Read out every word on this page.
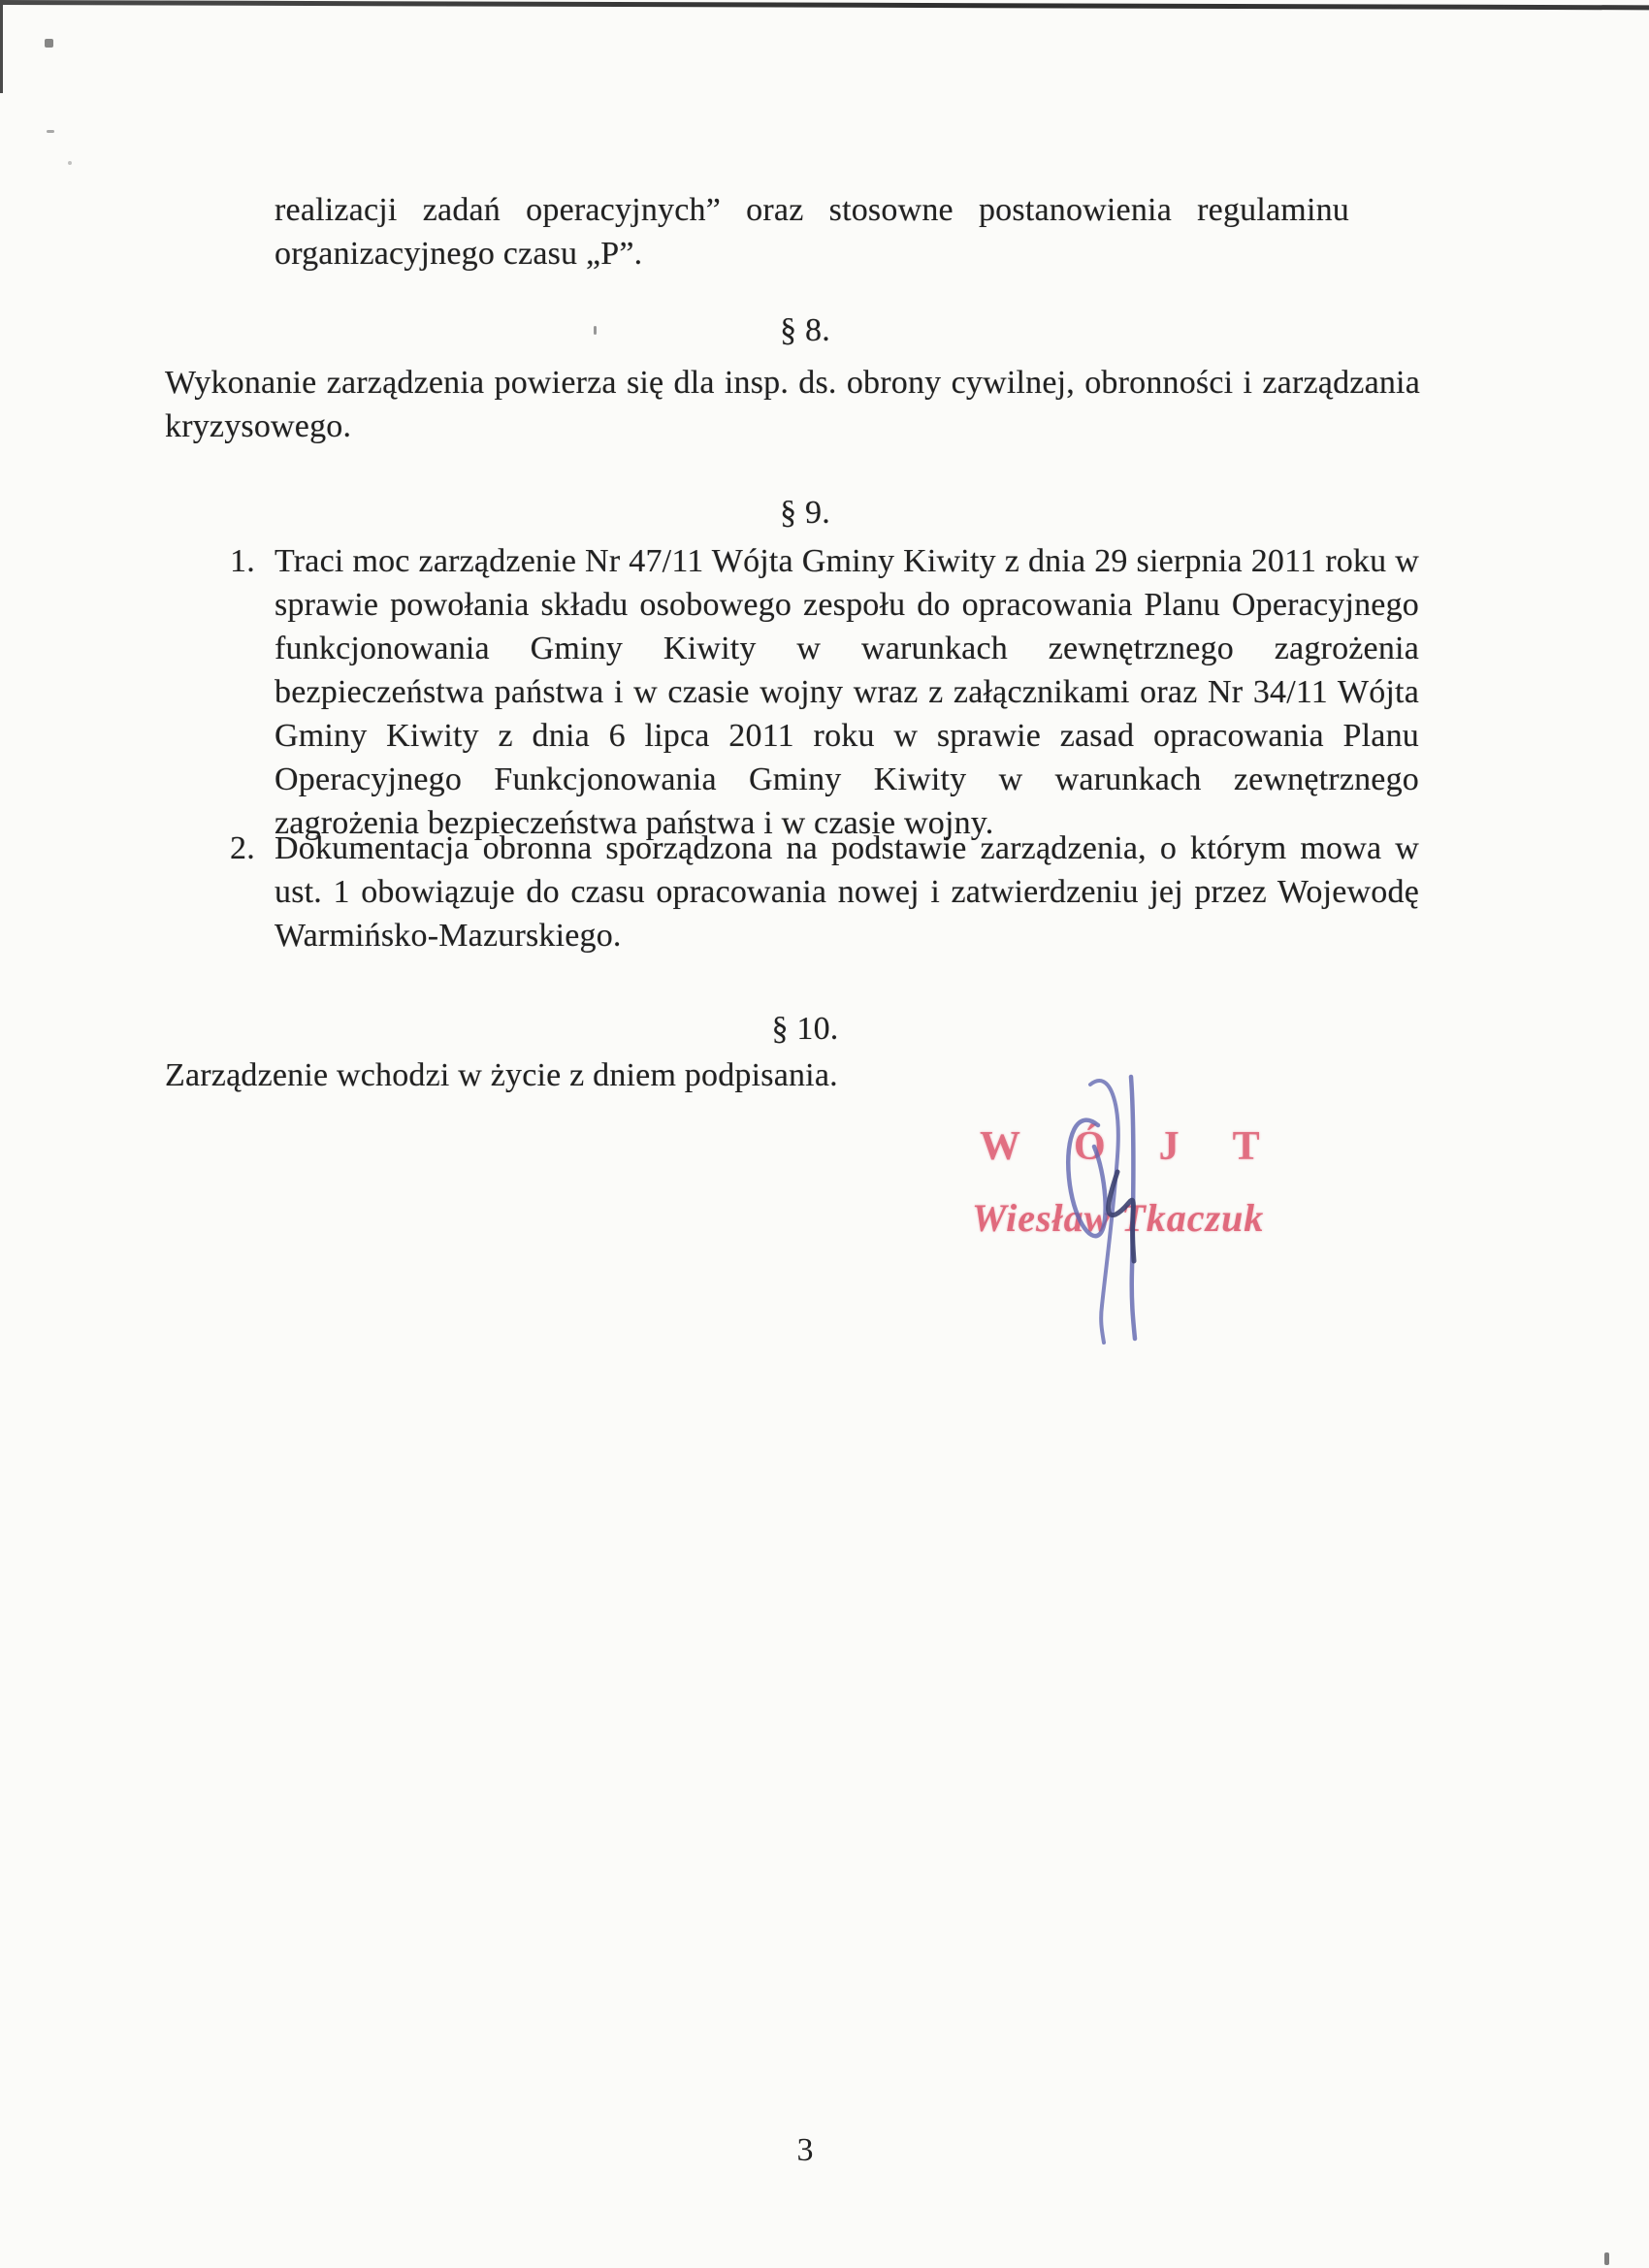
realizacji zadań operacyjnych” oraz stosowne postanowienia regulaminu organizacyjnego czasu „P”.
§ 8.
Wykonanie zarządzenia powierza się dla insp. ds. obrony cywilnej, obronności i zarządzania kryzysowego.
§ 9.
1. Traci moc zarządzenie Nr 47/11 Wójta Gminy Kiwity z dnia 29 sierpnia 2011 roku w sprawie powołania składu osobowego zespołu do opracowania Planu Operacyjnego funkcjonowania Gminy Kiwity w warunkach zewnętrznego zagrożenia bezpieczeństwa państwa i w czasie wojny wraz z załącznikami oraz Nr 34/11 Wójta Gminy Kiwity z dnia 6 lipca 2011 roku w sprawie zasad opracowania Planu Operacyjnego Funkcjonowania Gminy Kiwity w warunkach zewnętrznego zagrożenia bezpieczeństwa państwa i w czasie wojny.
2. Dokumentacja obronna sporządzona na podstawie zarządzenia, o którym mowa w ust. 1 obowiązuje do czasu opracowania nowej i zatwierdzeniu jej przez Wojewodę Warmińsko-Mazurskiego.
§ 10.
Zarządzenie wchodzi w życie z dniem podpisania.
WÓJT
Wiesław Tkaczuk
3
